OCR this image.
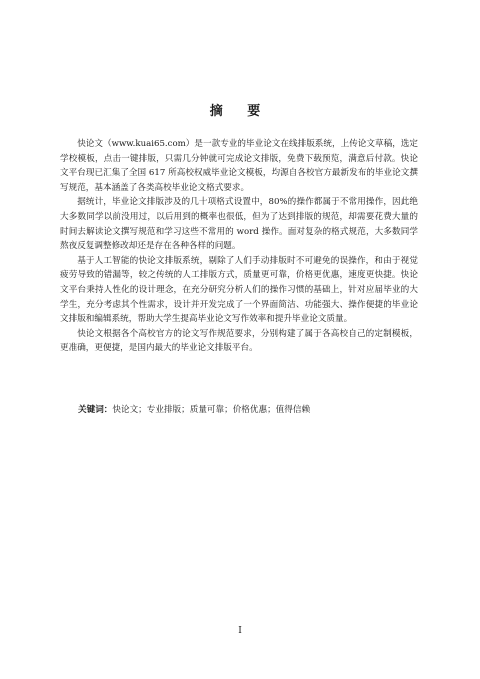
摘 要

快论文（www.kuai65.com）是一款专业的毕业论文在线排版系统，上传论文草稿，选定学校模板，点击一键排版，只需几分钟就可完成论文排版，免费下载预览，满意后付款。快论文平台现已汇集了全国 617 所高校权威毕业论文模板，均源自各校官方最新发布的毕业论文撰写规范，基本涵盖了各类高校毕业论文格式要求。

据统计，毕业论文排版涉及的几十项格式设置中，80%的操作都属于不常用操作，因此绝大多数同学以前没用过，以后用到的概率也很低，但为了达到排版的规范，却需要花费大量的时间去解读论文撰写规范和学习这些不常用的 word 操作。面对复杂的格式规范，大多数同学熬夜反复调整修改却还是存在各种各样的问题。

基于人工智能的快论文排版系统，剔除了人们手动排版时不可避免的误操作，和由于视觉疲劳导致的错漏等，较之传统的人工排版方式，质量更可靠，价格更优惠，速度更快捷。快论文平台秉持人性化的设计理念，在充分研究分析人们的操作习惯的基础上，针对应届毕业的大学生，充分考虑其个性需求，设计并开发完成了一个界面简洁、功能强大、操作便捷的毕业论文排版和编辑系统，帮助大学生提高毕业论文写作效率和提升毕业论文质量。

快论文根据各个高校官方的论文写作规范要求，分别构建了属于各高校自己的定制模板，更准确，更便捷，是国内最大的毕业论文排版平台。

关键词：快论文；专业排版；质量可靠；价格优惠；值得信赖
I
